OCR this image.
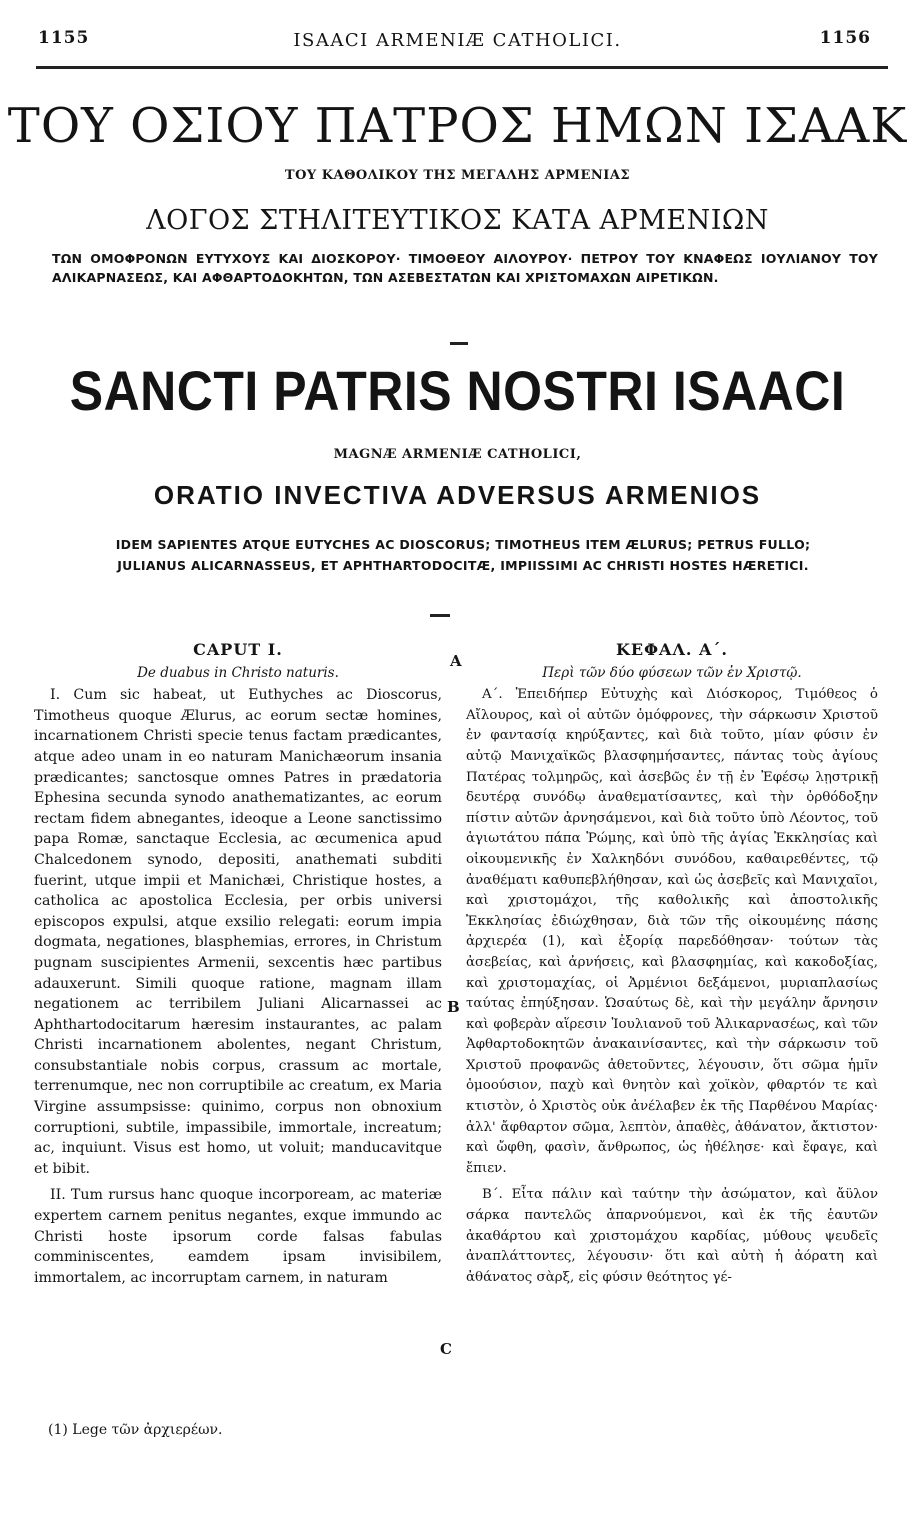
1155	ISAACI ARMENIÆ CATHOLICI.	1156
ΤΟΥ ΟΣΙΟΥ ΠΑΤΡΟΣ ΗΜΩΝ ΙΣΑΑΚ
ΤΟΥ ΚΑΘΟΛΙΚΟΥ ΤΗΣ ΜΕΓΑΛΗΣ ΑΡΜΕΝΙΑΣ
ΛΟΓΟΣ ΣΤΗΛΙΤΕΥΤΙΚΟΣ ΚΑΤΑ ΑΡΜΕΝΙΩΝ
ΤΩΝ ΟΜΟΦΡΟΝΩΝ ΕΥΤΥΧΟΥΣ ΚΑΙ ΔΙΟΣΚΟΡΟΥ· ΤΙΜΟΘΕΟΥ ΑΙΛΟΥΡΟΥ· ΠΕΤΡΟΥ ΤΟΥ ΚΝΑΦΕΩΣ ΙΟΥΛΙΑΝΟΥ ΤΟΥ ΑΛΙΚΑΡΝΑΣΕΩΣ, ΚΑΙ ΑΦΘΑΡΤΟΔΟΚΗΤΩΝ, ΤΩΝ ΑΣΕΒΕΣΤΑΤΩΝ ΚΑΙ ΧΡΙΣΤΟΜΑΧΩΝ ΑΙΡΕΤΙΚΩΝ.
SANCTI PATRIS NOSTRI ISAACI
MAGNÆ ARMENIÆ CATHOLICI,
ORATIO INVECTIVA ADVERSUS ARMENIOS
IDEM SAPIENTES ATQUE EUTYCHES AC DIOSCORUS; TIMOTHEUS ITEM ÆLURUS; PETRUS FULLO;
JULIANUS ALICARNASSEUS, ET APHTHARTODOCITÆ, IMPIISSIMI AC CHRISTI HOSTES HÆRETICI.
A
B
C
CAPUT I.
De duabus in Christo naturis.

I. Cum sic habeat, ut Euthyches ac Dioscorus, Timotheus quoque Ælurus, ac eorum sectæ homines, incarnationem Christi specie tenus factam prædicantes, atque adeo unam in eo naturam Manichæorum insania prædicantes; sanctosque omnes Patres in prædatoria Ephesina secunda synodo anathematizantes, ac eorum rectam fidem abnegantes, ideoque a Leone sanctissimo papa Romæ, sanctaque Ecclesia, ac œcumenica apud Chalcedonem synodo, depositi, anathemati subditi fuerint, utque impii et Manichæi, Christique hostes, a catholica ac apostolica Ecclesia, per orbis universi episcopos expulsi, atque exsilio relegati: eorum impia dogmata, negationes, blasphemias, errores, in Christum pugnam suscipientes Armenii, sexcentis hæc partibus adauxerunt. Simili quoque ratione, magnam illam negationem ac terribilem Juliani Alicarnassei ac Aphthartodocitarum hæresim instaurantes, ac palam Christi incarnationem abolentes, negant Christum, consubstantiale nobis corpus, crassum ac mortale, terrenumque, nec non corruptibile ac creatum, ex Maria Virgine assumpsisse: quinimo, corpus non obnoxium corruptioni, subtile, impassibile, immortale, increatum; ac, inquiunt. Visus est homo, ut voluit; manducavitque et bibit.

II. Tum rursus hanc quoque incorpoream, ac materiæ expertem carnem penitus negantes, exque immundo ac Christi hoste ipsorum corde falsas fabulas comminiscentes, eamdem ipsam invisibilem, immortalem, ac incorruptam carnem, in naturam

(1) Lege τῶν ἀρχιερέων.
ΚΕΦΑΛ. Α΄.
Περὶ τῶν δύο φύσεων τῶν ἐν Χριστῷ.

Α΄. Ἐπειδήπερ Εὐτυχὴς καὶ Διόσκορος, Τιμόθεος ὁ Αἴλουρος, καὶ οἱ αὐτῶν ὁμόφρονες, τὴν σάρκωσιν Χριστοῦ ἐν φαντασίᾳ κηρύξαντες, καὶ διὰ τοῦτο, μίαν φύσιν ἐν αὐτῷ Μανιχαϊκῶς βλασφημήσαντες, πάντας τοὺς ἁγίους Πατέρας τολμηρῶς, καὶ ἀσεβῶς ἐν τῇ ἐν Ἐφέσῳ λῃστρικῇ δευτέρᾳ συνόδῳ ἀναθεματίσαντες, καὶ τὴν ὀρθόδοξην πίστιν αὐτῶν ἀρνησάμενοι, καὶ διὰ τοῦτο ὑπὸ Λέοντος, τοῦ ἁγιωτάτου πάπα Ῥώμης, καὶ ὑπὸ τῆς ἁγίας Ἐκκλησίας καὶ οἰκουμενικῆς ἐν Χαλκηδόνι συνόδου, καθαιρεθέντες, τῷ ἀναθέματι καθυπεβλήθησαν, καὶ ὡς ἀσεβεῖς καὶ Μανιχαῖοι, καὶ χριστομάχοι, τῆς καθολικῆς καὶ ἀποστολικῆς Ἐκκλησίας ἐδιώχθησαν, διὰ τῶν τῆς οἰκουμένης πάσης ἀρχιερέα (1), καὶ ἐξορίᾳ παρεδόθησαν· τούτων τὰς ἀσεβείας, καὶ ἀρνήσεις, καὶ βλασφημίας, καὶ κακοδοξίας, καὶ χριστομαχίας, οἱ Ἀρμένιοι δεξάμενοι, μυριαπλασίως ταύτας ἐπηύξησαν. Ὡσαύτως δὲ, καὶ τὴν μεγάλην ἄρνησιν καὶ φοβερὰν αἵρεσιν Ἰουλιανοῦ τοῦ Ἀλικαρνασέως, καὶ τῶν Ἀφθαρτοδοκητῶν ἀνακαινίσαντες, καὶ τὴν σάρκωσιν τοῦ Χριστοῦ προφανῶς ἀθετοῦντες, λέγουσιν, ὅτι σῶμα ἡμῖν ὁμοούσιον, παχὺ καὶ θνητὸν καὶ χοϊκὸν, φθαρτόν τε καὶ κτιστὸν, ὁ Χριστὸς οὐκ ἀνέλαβεν ἐκ τῆς Παρθένου Μαρίας· ἀλλ' ἄφθαρτον σῶμα, λεπτὸν, ἀπαθὲς, ἀθάνατον, ἄκτιστον· καὶ ὤφθη, φασὶν, ἄνθρωπος, ὡς ἠθέλησε· καὶ ἔφαγε, καὶ ἔπιεν.

Β΄. Εἶτα πάλιν καὶ ταύτην τὴν ἀσώματον, καὶ ἄϋλον σάρκα παντελῶς ἀπαρνούμενοι, καὶ ἐκ τῆς ἑαυτῶν ἀκαθάρτου καὶ χριστομάχου καρδίας, μύθους ψευδεῖς ἀναπλάττοντες, λέγουσιν· ὅτι καὶ αὐτὴ ἡ ἀόρατη καὶ ἀθάνατος σὰρξ, εἰς φύσιν θεότητος γέ-
